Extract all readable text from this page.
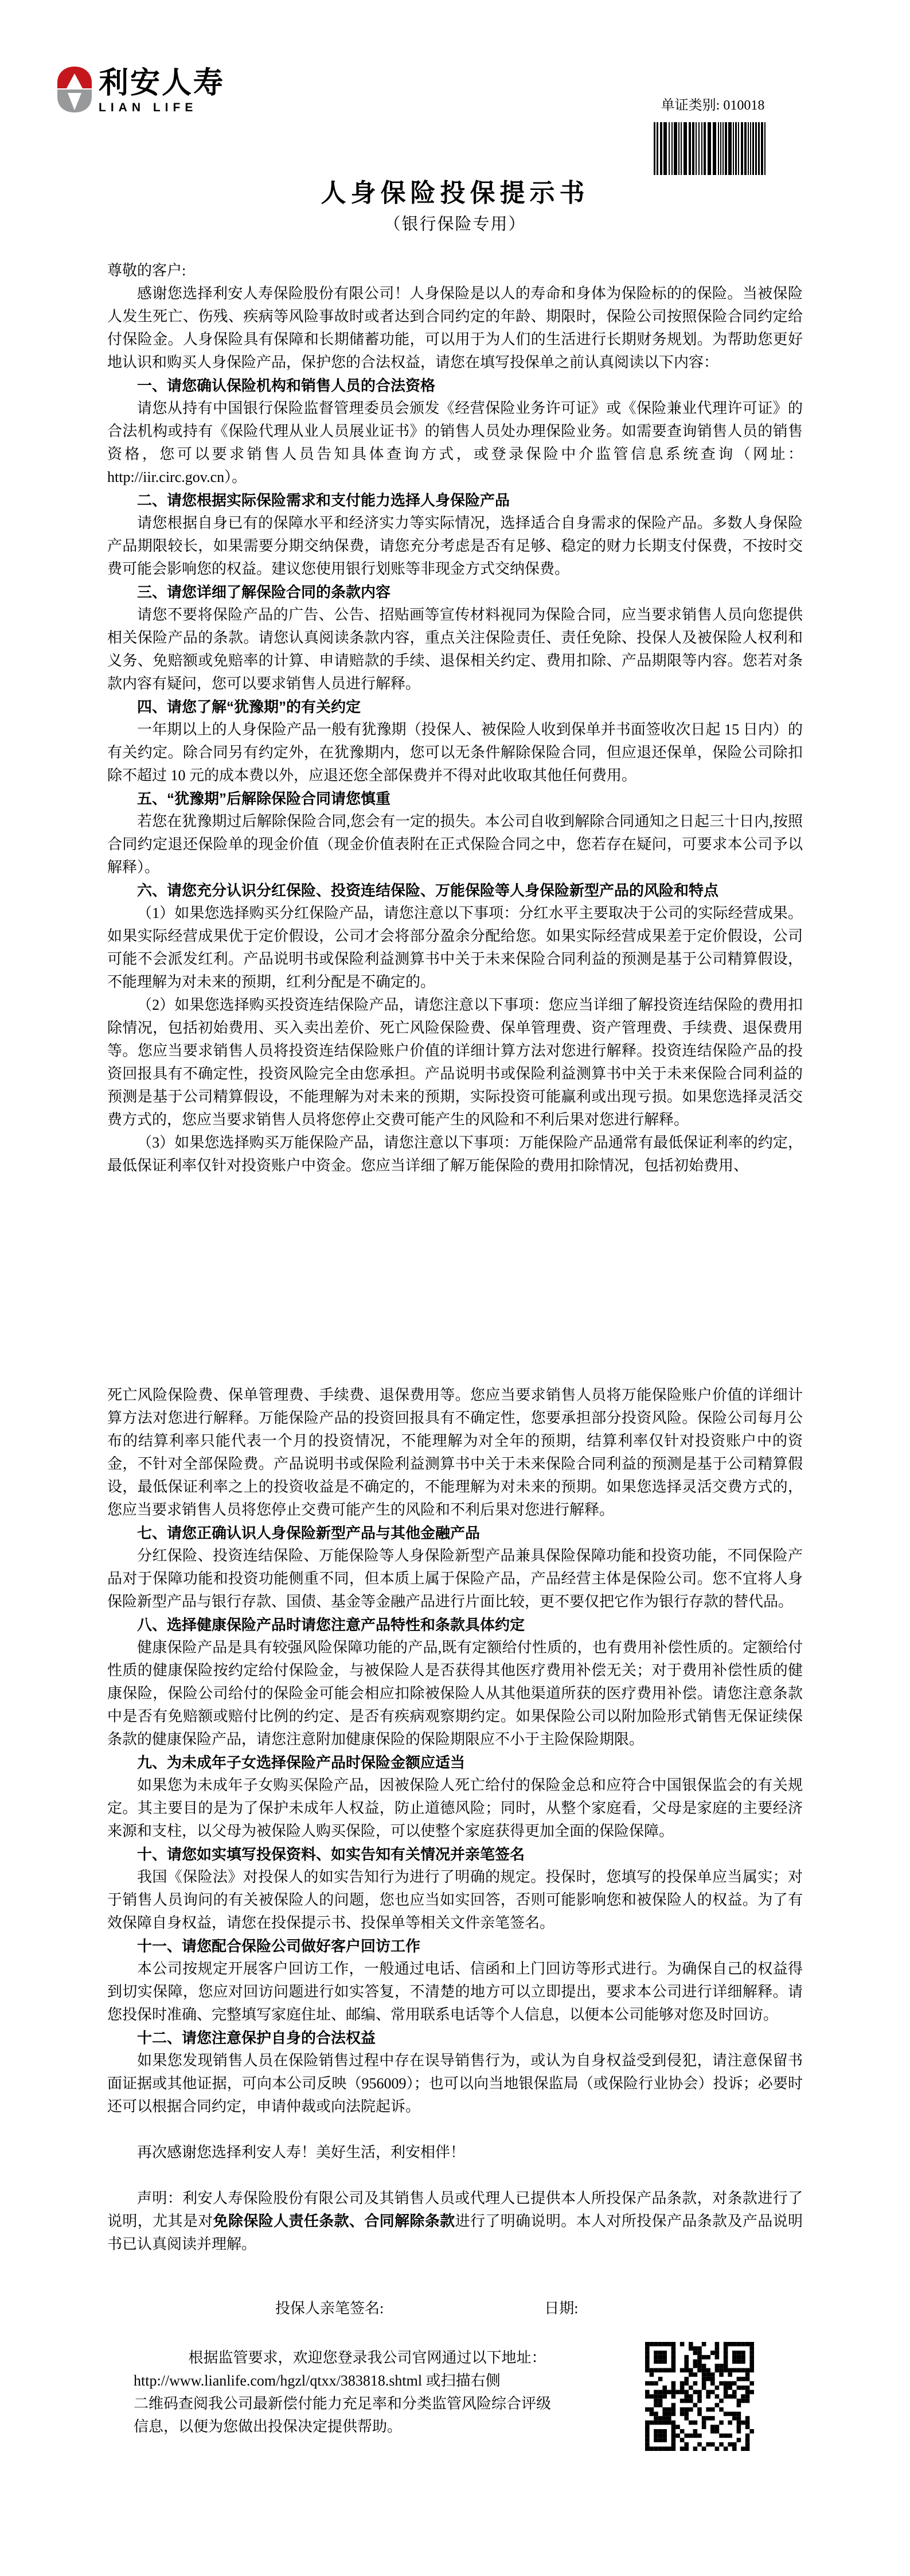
利安人寿
LIAN LIFE	单证类别: 010018
人身保险投保提示书
（银行保险专用）

尊敬的客户:

感谢您选择利安人寿保险股份有限公司！人身保险是以人的寿命和身体为保险标的的保险。当被保险人发生死亡、伤残、疾病等风险事故时或者达到合同约定的年龄、期限时，保险公司按照保险合同约定给付保险金。人身保险具有保障和长期储蓄功能，可以用于为人们的生活进行长期财务规划。为帮助您更好地认识和购买人身保险产品，保护您的合法权益，请您在填写投保单之前认真阅读以下内容：

一、请您确认保险机构和销售人员的合法资格

请您从持有中国银行保险监督管理委员会颁发《经营保险业务许可证》或《保险兼业代理许可证》的合法机构或持有《保险代理从业人员展业证书》的销售人员处办理保险业务。如需要查询销售人员的销售资格，您可以要求销售人员告知具体查询方式，或登录保险中介监管信息系统查询（网址：http://iir.circ.gov.cn）。

二、请您根据实际保险需求和支付能力选择人身保险产品

请您根据自身已有的保障水平和经济实力等实际情况，选择适合自身需求的保险产品。多数人身保险产品期限较长，如果需要分期交纳保费，请您充分考虑是否有足够、稳定的财力长期支付保费，不按时交费可能会影响您的权益。建议您使用银行划账等非现金方式交纳保费。

三、请您详细了解保险合同的条款内容

请您不要将保险产品的广告、公告、招贴画等宣传材料视同为保险合同，应当要求销售人员向您提供相关保险产品的条款。请您认真阅读条款内容，重点关注保险责任、责任免除、投保人及被保险人权利和义务、免赔额或免赔率的计算、申请赔款的手续、退保相关约定、费用扣除、产品期限等内容。您若对条款内容有疑问，您可以要求销售人员进行解释。

四、请您了解“犹豫期”的有关约定

一年期以上的人身保险产品一般有犹豫期（投保人、被保险人收到保单并书面签收次日起 15 日内）的有关约定。除合同另有约定外，在犹豫期内，您可以无条件解除保险合同，但应退还保单，保险公司除扣除不超过 10 元的成本费以外，应退还您全部保费并不得对此收取其他任何费用。

五、“犹豫期”后解除保险合同请您慎重

若您在犹豫期过后解除保险合同,您会有一定的损失。本公司自收到解除合同通知之日起三十日内,按照合同约定退还保险单的现金价值（现金价值表附在正式保险合同之中，您若存在疑问，可要求本公司予以解释）。

六、请您充分认识分红保险、投资连结保险、万能保险等人身保险新型产品的风险和特点

（1）如果您选择购买分红保险产品，请您注意以下事项：分红水平主要取决于公司的实际经营成果。如果实际经营成果优于定价假设，公司才会将部分盈余分配给您。如果实际经营成果差于定价假设，公司可能不会派发红利。产品说明书或保险利益测算书中关于未来保险合同利益的预测是基于公司精算假设，不能理解为对未来的预期，红利分配是不确定的。

（2）如果您选择购买投资连结保险产品，请您注意以下事项：您应当详细了解投资连结保险的费用扣除情况，包括初始费用、买入卖出差价、死亡风险保险费、保单管理费、资产管理费、手续费、退保费用等。您应当要求销售人员将投资连结保险账户价值的详细计算方法对您进行解释。投资连结保险产品的投资回报具有不确定性，投资风险完全由您承担。产品说明书或保险利益测算书中关于未来保险合同利益的预测是基于公司精算假设，不能理解为对未来的预期，实际投资可能赢利或出现亏损。如果您选择灵活交费方式的，您应当要求销售人员将您停止交费可能产生的风险和不利后果对您进行解释。

（3）如果您选择购买万能保险产品，请您注意以下事项：万能保险产品通常有最低保证利率的约定，最低保证利率仅针对投资账户中资金。您应当详细了解万能保险的费用扣除情况，包括初始费用、

死亡风险保险费、保单管理费、手续费、退保费用等。您应当要求销售人员将万能保险账户价值的详细计算方法对您进行解释。万能保险产品的投资回报具有不确定性，您要承担部分投资风险。保险公司每月公布的结算利率只能代表一个月的投资情况，不能理解为对全年的预期，结算利率仅针对投资账户中的资金，不针对全部保险费。产品说明书或保险利益测算书中关于未来保险合同利益的预测是基于公司精算假设，最低保证利率之上的投资收益是不确定的，不能理解为对未来的预期。如果您选择灵活交费方式的，您应当要求销售人员将您停止交费可能产生的风险和不利后果对您进行解释。

七、请您正确认识人身保险新型产品与其他金融产品

分红保险、投资连结保险、万能保险等人身保险新型产品兼具保险保障功能和投资功能，不同保险产品对于保障功能和投资功能侧重不同，但本质上属于保险产品，产品经营主体是保险公司。您不宜将人身保险新型产品与银行存款、国债、基金等金融产品进行片面比较，更不要仅把它作为银行存款的替代品。

八、选择健康保险产品时请您注意产品特性和条款具体约定

健康保险产品是具有较强风险保障功能的产品,既有定额给付性质的，也有费用补偿性质的。定额给付性质的健康保险按约定给付保险金，与被保险人是否获得其他医疗费用补偿无关；对于费用补偿性质的健康保险，保险公司给付的保险金可能会相应扣除被保险人从其他渠道所获的医疗费用补偿。请您注意条款中是否有免赔额或赔付比例的约定、是否有疾病观察期约定。如果保险公司以附加险形式销售无保证续保条款的健康保险产品，请您注意附加健康保险的保险期限应不小于主险保险期限。

九、为未成年子女选择保险产品时保险金额应适当

如果您为未成年子女购买保险产品，因被保险人死亡给付的保险金总和应符合中国银保监会的有关规定。其主要目的是为了保护未成年人权益，防止道德风险；同时，从整个家庭看，父母是家庭的主要经济来源和支柱，以父母为被保险人购买保险，可以使整个家庭获得更加全面的保险保障。

十、请您如实填写投保资料、如实告知有关情况并亲笔签名

我国《保险法》对投保人的如实告知行为进行了明确的规定。投保时，您填写的投保单应当属实；对于销售人员询问的有关被保险人的问题，您也应当如实回答，否则可能影响您和被保险人的权益。为了有效保障自身权益，请您在投保提示书、投保单等相关文件亲笔签名。

十一、请您配合保险公司做好客户回访工作

本公司按规定开展客户回访工作，一般通过电话、信函和上门回访等形式进行。为确保自己的权益得到切实保障，您应对回访问题进行如实答复，不清楚的地方可以立即提出，要求本公司进行详细解释。请您投保时准确、完整填写家庭住址、邮编、常用联系电话等个人信息，以便本公司能够对您及时回访。

十二、请您注意保护自身的合法权益

如果您发现销售人员在保险销售过程中存在误导销售行为，或认为自身权益受到侵犯，请注意保留书面证据或其他证据，可向本公司反映（956009）；也可以向当地银保监局（或保险行业协会）投诉；必要时还可以根据合同约定，申请仲裁或向法院起诉。

再次感谢您选择利安人寿！美好生活，利安相伴！

声明：利安人寿保险股份有限公司及其销售人员或代理人已提供本人所投保产品条款，对条款进行了说明，尤其是对免除保险人责任条款、合同解除条款进行了明确说明。本人对所投保产品条款及产品说明书已认真阅读并理解。

投保人亲笔签名:	日期:

根据监管要求，欢迎您登录我公司官网通过以下地址：

http://www.lianlife.com/hgzl/qtxx/383818.shtml 或扫描右侧

二维码查阅我公司最新偿付能力充足率和分类监管风险综合评级

信息，以便为您做出投保决定提供帮助。
